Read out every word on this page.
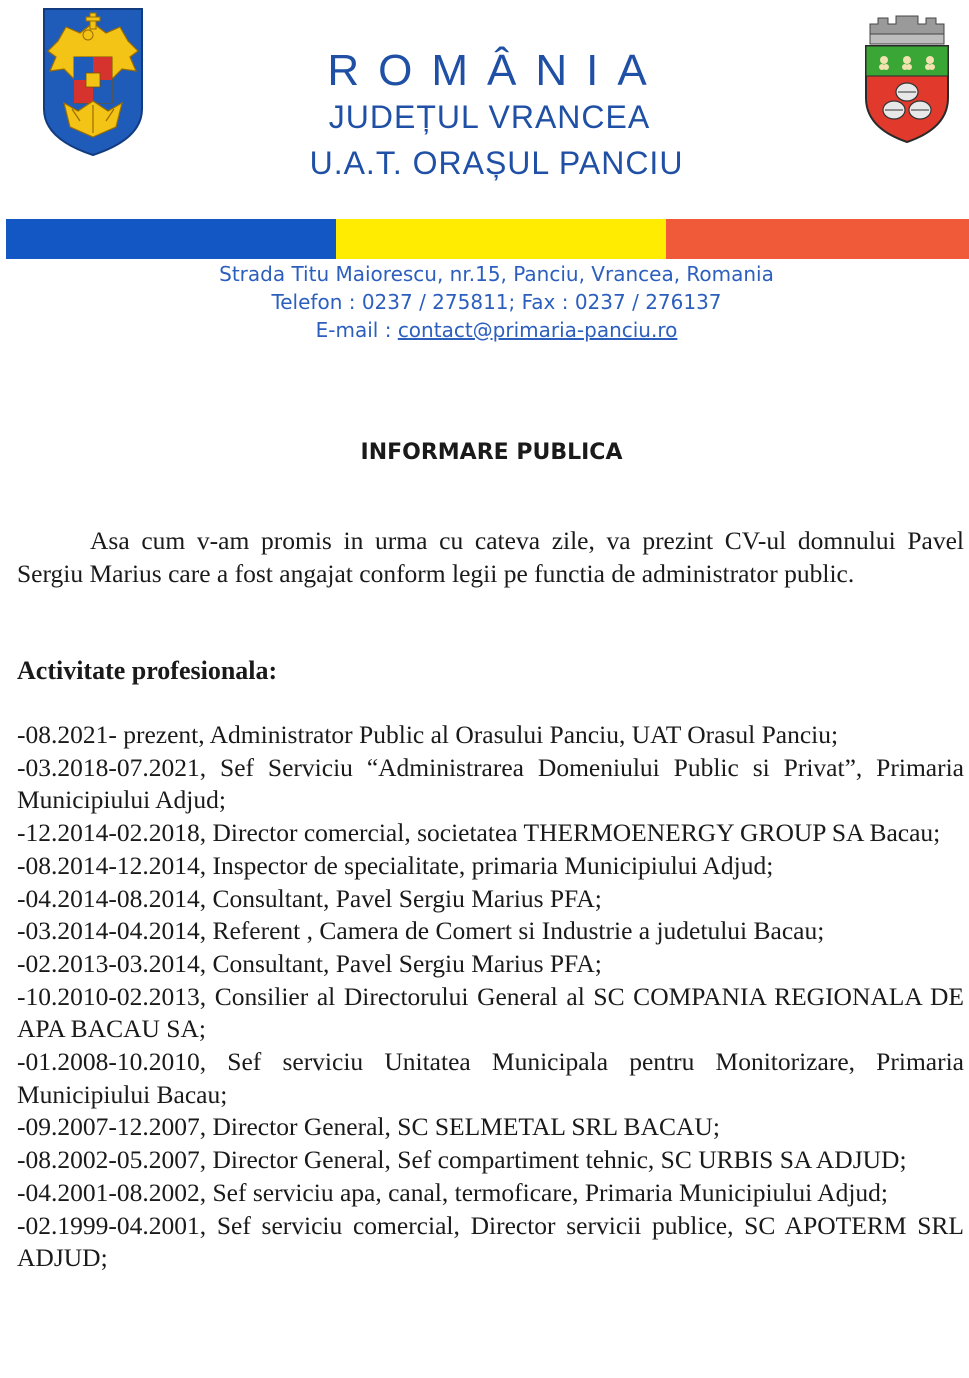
ROMÂNIA
JUDEȚUL VRANCEA
U.A.T. ORAȘUL PANCIU
Strada Titu Maiorescu, nr.15, Panciu, Vrancea, Romania
Telefon : 0237 / 275811; Fax : 0237 / 276137
E-mail : contact@primaria-panciu.ro
INFORMARE PUBLICA
Asa cum v-am promis in urma cu cateva zile, va prezint CV-ul domnului Pavel Sergiu Marius care a fost angajat conform legii pe functia de administrator public.
Activitate profesionala:

-08.2021- prezent, Administrator Public al Orasului Panciu, UAT Orasul Panciu;

-03.2018-07.2021, Sef Serviciu “Administrarea Domeniului Public si Privat”, Primaria Municipiului Adjud;

-12.2014-02.2018, Director comercial, societatea THERMOENERGY GROUP SA Bacau;

-08.2014-12.2014, Inspector de specialitate, primaria Municipiului Adjud;

-04.2014-08.2014, Consultant, Pavel Sergiu Marius PFA;

-03.2014-04.2014, Referent , Camera de Comert si Industrie a judetului Bacau;

-02.2013-03.2014, Consultant, Pavel Sergiu Marius PFA;

-10.2010-02.2013, Consilier al Directorului General al SC COMPANIA REGIONALA DE APA BACAU SA;

-01.2008-10.2010, Sef serviciu Unitatea Municipala pentru Monitorizare, Primaria Municipiului Bacau;

-09.2007-12.2007, Director General, SC SELMETAL SRL BACAU;

-08.2002-05.2007, Director General, Sef compartiment tehnic, SC URBIS SA ADJUD;

-04.2001-08.2002, Sef serviciu apa, canal, termoficare, Primaria Municipiului Adjud;

-02.1999-04.2001, Sef serviciu comercial, Director servicii publice, SC APOTERM SRL ADJUD;
